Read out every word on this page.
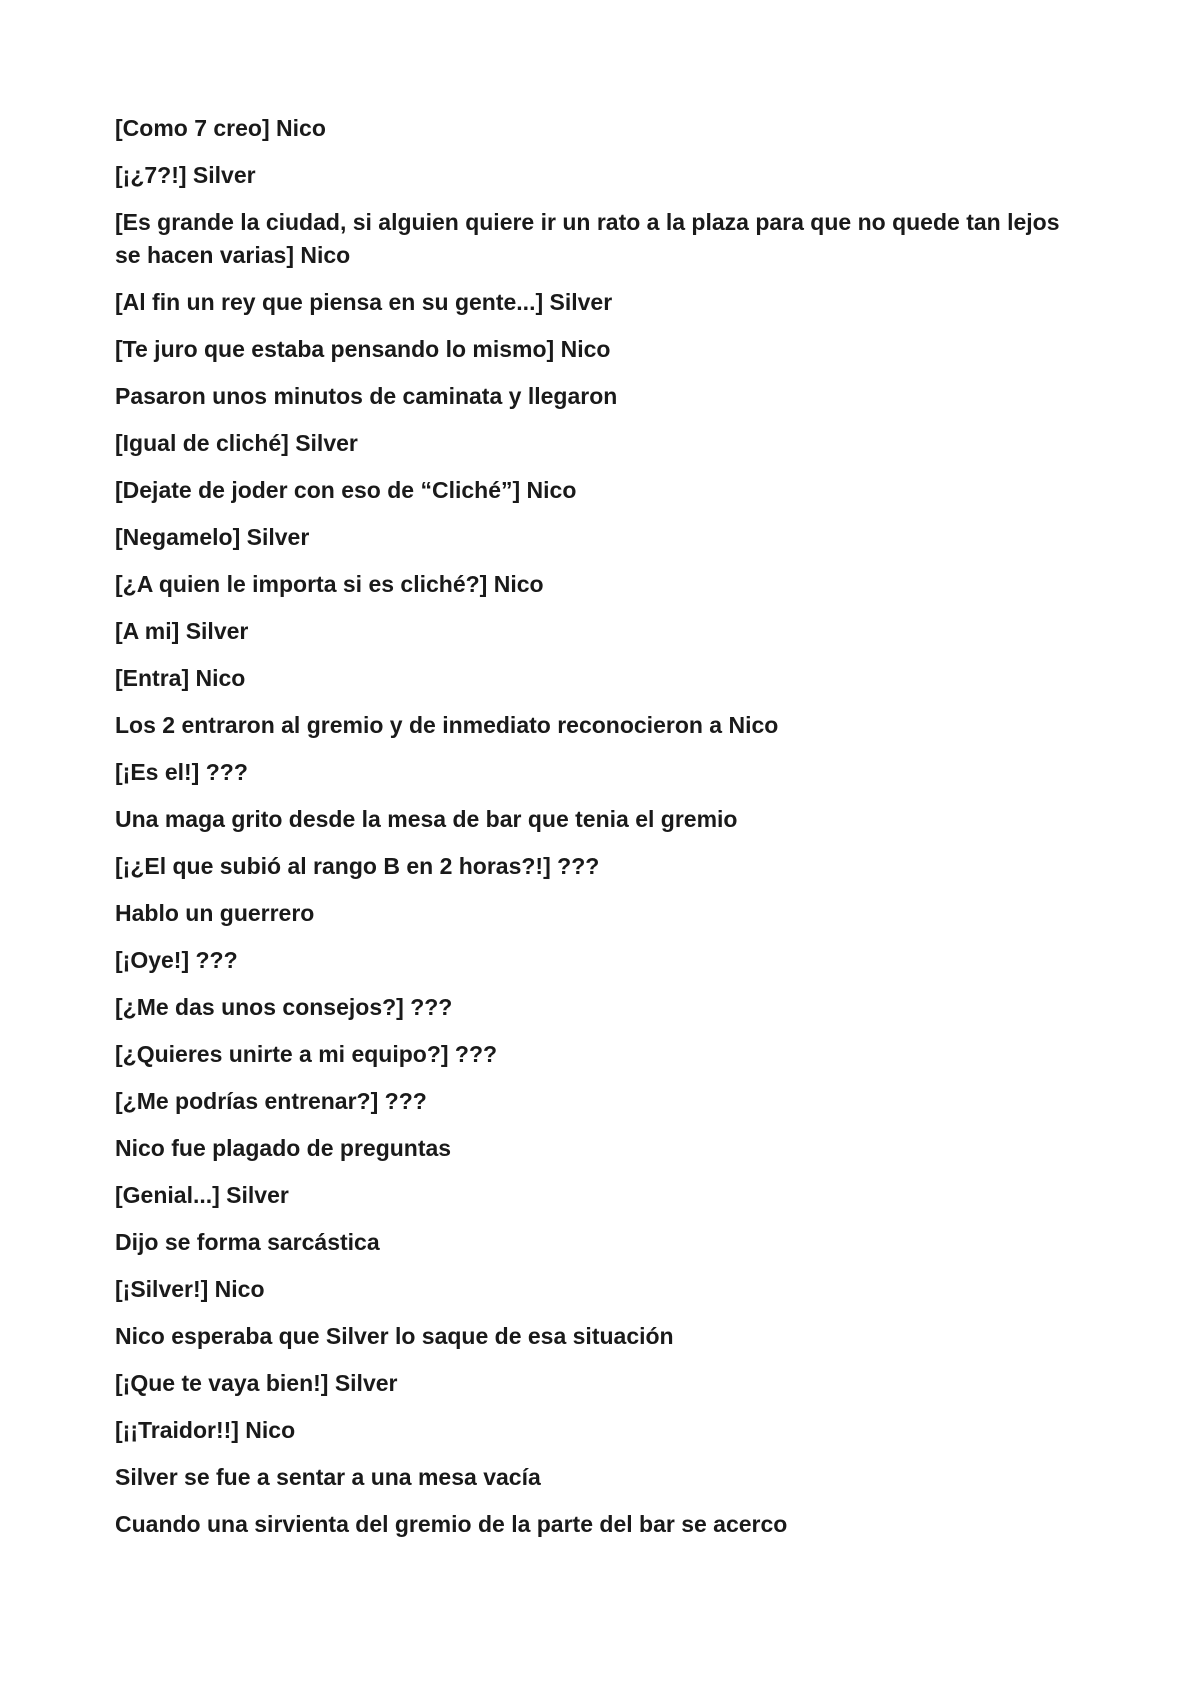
[Como 7 creo] Nico

[¡¿7?!] Silver

[Es grande la ciudad, si alguien quiere ir un rato a la plaza para que no quede tan lejos se hacen varias] Nico

[Al fin un rey que piensa en su gente...] Silver

[Te juro que estaba pensando lo mismo] Nico

Pasaron unos minutos de caminata y llegaron

[Igual de cliché] Silver

[Dejate de joder con eso de “Cliché”] Nico

[Negamelo] Silver

[¿A quien le importa si es cliché?] Nico

[A mi] Silver

[Entra] Nico

Los 2 entraron al gremio y de inmediato reconocieron a Nico

[¡Es el!] ???

Una maga grito desde la mesa de bar que tenia el gremio

[¡¿El que subió al rango B en 2 horas?!] ???

Hablo un guerrero

[¡Oye!] ???

[¿Me das unos consejos?] ???

[¿Quieres unirte a mi equipo?] ???

[¿Me podrías entrenar?] ???

Nico fue plagado de preguntas

[Genial...] Silver

Dijo se forma sarcástica

[¡Silver!] Nico

Nico esperaba que Silver lo saque de esa situación

[¡Que te vaya bien!] Silver

[¡¡Traidor!!] Nico

Silver se fue a sentar a una mesa vacía

Cuando una sirvienta del gremio de la parte del bar se acerco
